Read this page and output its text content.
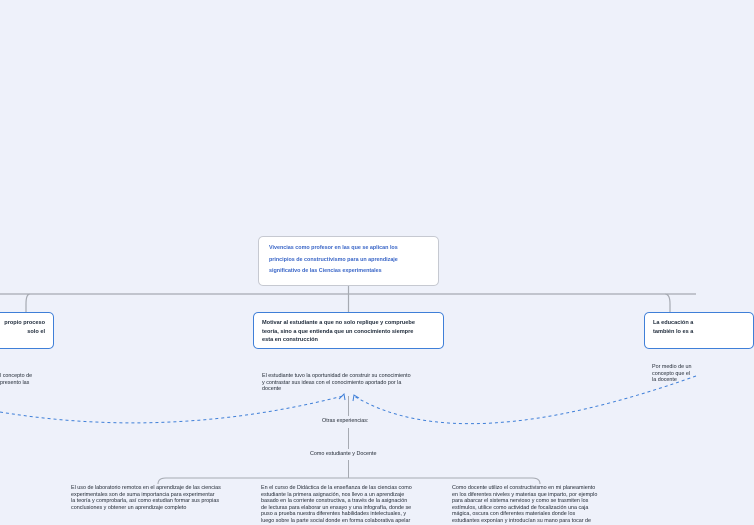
Vivencias como profesor en las que se aplican los
principios de constructivismo para un aprendizaje
significativo de las Ciencias experimentales
propio proceso
solo el
l concepto de
presento las
Motivar al estudiante a que no solo replique y compruebe
teoría, sino a que entienda que un conocimiento siempre
esta en construcción
El estudiante tuvo la oportunidad de construir su conocimiento
y contrastar sus ideas con el conocimiento aportado por la
docente
La educación a
también lo es a
Por medio de un
concepto que el
la docente
Otras experiencias:
Como estudiante y Docente
El uso de laboratorio remotos en el aprendizaje de las ciencias
experimentales son de suma importancia para experimentar
la teoría y comprobarla, así como estudian formar sus propias
conclusiones y obtener un aprendizaje completo
En el curso de Didáctica de la enseñanza de las ciencias como
estudiante la primera asignación, nos llevo a un aprendizaje
basado en la corriente constructiva, a través de la asignación
de lecturas para elaborar un ensayo y una infografía, donde se
puso a prueba nuestra diferentes habilidades intelectuales, y
luego sobre la parte social donde en forma colaborativa apelar
Como docente utilizo el constructivismo en mi planeamiento
en los diferentes niveles y materias que imparto, por ejemplo
para abarcar el sistema nervioso y como se trasmiten los
estímulos, utilice como actividad de focalización una caja
mágica, oscura con diferentes materiales donde los
estudiantes exponían y introducían su mano para tocar de
